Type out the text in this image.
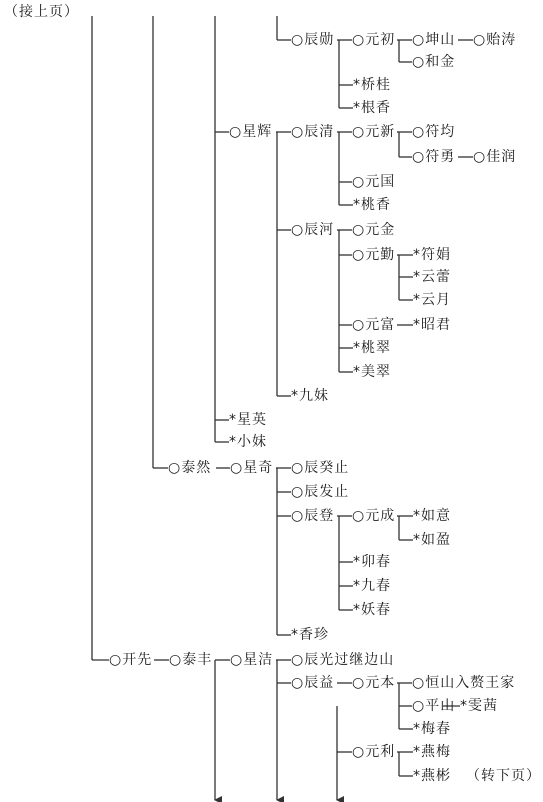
（接上页）
（转下页）
○辰勋 ○元初 ○坤山 ○贻涛
○和金
*桥桂
*根香
○星辉 ○辰清 ○元新 ○符均
○符勇 ○佳润
○元国
*桃香
○辰河 ○元金
○元勤 *符娟
*云蕾
*云月
○元富 *昭君
*桃翠
*美翠
*九妹
*星英
*小妹
○泰然 ○星奇 ○辰癸止
○辰发止
○辰登 ○元成 *如意
*如盈
*卯春
*九春
*妖春
*香珍
○开先 ○泰丰 ○星洁 ○辰光过继边山
○辰益 ○元本 ○恒山入赘王家
○平山 *雯茜
*梅春
○元利 *燕梅
*燕彬
